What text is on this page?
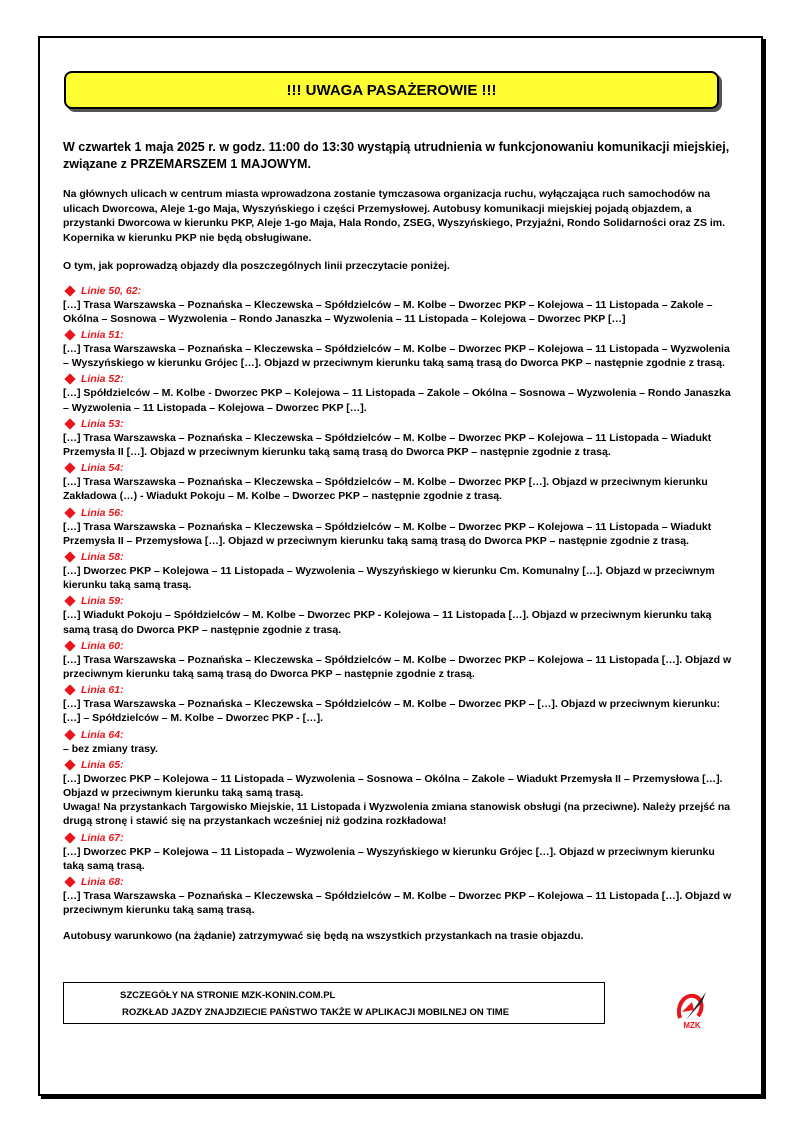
!!! UWAGA PASAŻEROWIE !!!

W czwartek 1 maja 2025 r. w godz. 11:00 do 13:30 wystąpią utrudnienia w funkcjonowaniu komunikacji miejskiej, związane z PRZEMARSZEM 1 MAJOWYM.

Na głównych ulicach w centrum miasta wprowadzona zostanie tymczasowa organizacja ruchu, wyłączająca ruch samochodów na ulicach Dworcowa, Aleje 1-go Maja, Wyszyńskiego i części Przemysłowej. Autobusy komunikacji miejskiej pojadą objazdem, a przystanki Dworcowa w kierunku PKP, Aleje 1-go Maja, Hala Rondo, ZSEG, Wyszyńskiego, Przyjaźni, Rondo Solidarności oraz ZS im. Kopernika w kierunku PKP nie będą obsługiwane.

O tym, jak poprowadzą objazdy dla poszczególnych linii przeczytacie poniżej.

Linie 50, 62:
[…] Trasa Warszawska – Poznańska – Kleczewska – Spółdzielców – M. Kolbe – Dworzec PKP – Kolejowa – 11 Listopada – Zakole – Okólna – Sosnowa – Wyzwolenia – Rondo Janaszka – Wyzwolenia – 11 Listopada – Kolejowa – Dworzec PKP […]
Linia 51:
[…] Trasa Warszawska – Poznańska – Kleczewska – Spółdzielców – M. Kolbe – Dworzec PKP – Kolejowa – 11 Listopada – Wyzwolenia – Wyszyńskiego w kierunku Grójec […]. Objazd w przeciwnym kierunku taką samą trasą do Dworca PKP – następnie zgodnie z trasą.
Linia 52:
[…] Spółdzielców – M. Kolbe - Dworzec PKP – Kolejowa – 11 Listopada – Zakole – Okólna – Sosnowa – Wyzwolenia – Rondo Janaszka – Wyzwolenia – 11 Listopada – Kolejowa – Dworzec PKP […].
Linia 53:
[…] Trasa Warszawska – Poznańska – Kleczewska – Spółdzielców – M. Kolbe – Dworzec PKP – Kolejowa – 11 Listopada – Wiadukt Przemysła II […]. Objazd w przeciwnym kierunku taką samą trasą do Dworca PKP – następnie zgodnie z trasą.
Linia 54:
[…] Trasa Warszawska – Poznańska – Kleczewska – Spółdzielców – M. Kolbe – Dworzec PKP […]. Objazd w przeciwnym kierunku Zakładowa (…) - Wiadukt Pokoju – M. Kolbe – Dworzec PKP – następnie zgodnie z trasą.
Linia 56:
[…] Trasa Warszawska – Poznańska – Kleczewska – Spółdzielców – M. Kolbe – Dworzec PKP – Kolejowa – 11 Listopada – Wiadukt Przemysła II – Przemysłowa […]. Objazd w przeciwnym kierunku taką samą trasą do Dworca PKP – następnie zgodnie z trasą.
Linia 58:
[…] Dworzec PKP – Kolejowa – 11 Listopada – Wyzwolenia – Wyszyńskiego w kierunku Cm. Komunalny […]. Objazd w przeciwnym kierunku taką samą trasą.
Linia 59:
[…] Wiadukt Pokoju – Spółdzielców – M. Kolbe – Dworzec PKP - Kolejowa – 11 Listopada […]. Objazd w przeciwnym kierunku taką samą trasą do Dworca PKP – następnie zgodnie z trasą.
Linia 60:
[…] Trasa Warszawska – Poznańska – Kleczewska – Spółdzielców – M. Kolbe – Dworzec PKP – Kolejowa – 11 Listopada […]. Objazd w przeciwnym kierunku taką samą trasą do Dworca PKP – następnie zgodnie z trasą.
Linia 61:
[…] Trasa Warszawska – Poznańska – Kleczewska – Spółdzielców – M. Kolbe – Dworzec PKP – […]. Objazd w przeciwnym kierunku: […] – Spółdzielców – M. Kolbe – Dworzec PKP - […].
Linia 64:
– bez zmiany trasy.
Linia 65:
[…] Dworzec PKP – Kolejowa – 11 Listopada – Wyzwolenia – Sosnowa – Okólna – Zakole – Wiadukt Przemysła II – Przemysłowa […]. Objazd w przeciwnym kierunku taką samą trasą.
Uwaga! Na przystankach Targowisko Miejskie, 11 Listopada i Wyzwolenia zmiana stanowisk obsługi (na przeciwne). Należy przejść na drugą stronę i stawić się na przystankach wcześniej niż godzina rozkładowa!
Linia 67:
[…] Dworzec PKP – Kolejowa – 11 Listopada – Wyzwolenia – Wyszyńskiego w kierunku Grójec […]. Objazd w przeciwnym kierunku taką samą trasą.
Linia 68:
[…] Trasa Warszawska – Poznańska – Kleczewska – Spółdzielców – M. Kolbe – Dworzec PKP – Kolejowa – 11 Listopada […]. Objazd w przeciwnym kierunku taką samą trasą.

Autobusy warunkowo (na żądanie) zatrzymywać się będą na wszystkich przystankach na trasie objazdu.

SZCZEGÓŁY NA STRONIE MZK-KONIN.COM.PL
ROZKŁAD JAZDY ZNAJDZIECIE PAŃSTWO TAKŻE W APLIKACJI MOBILNEJ ON TIME
MZK
